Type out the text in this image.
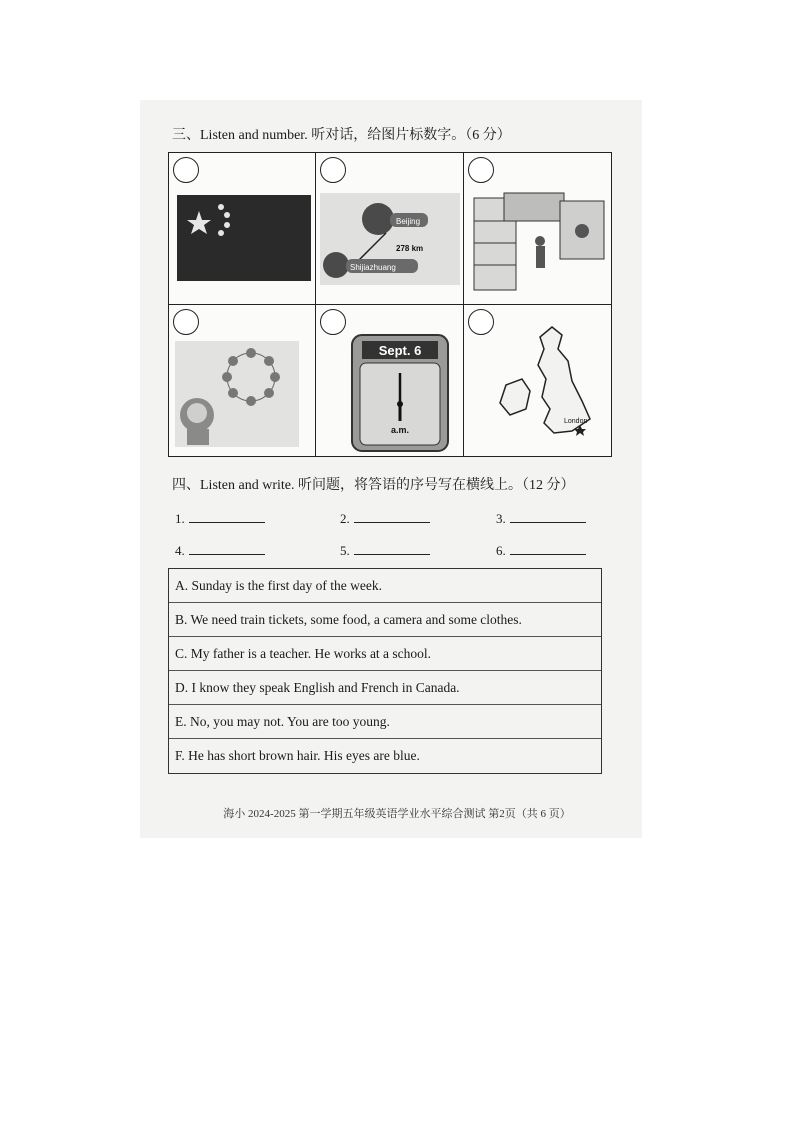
三、Listen and number. 听对话，给图片标数字。（6 分）
Beijing
278 km
Shijiazhuang
Sept. 6
a.m.
London
四、Listen and write. 听问题，将答语的序号写在横线上。（12 分）
1.	2.	3.
4.	5.	6.
A. Sunday is the first day of the week.
B. We need train tickets, some food, a camera and some clothes.
C. My father is a teacher. He works at a school.
D. I know they speak English and French in Canada.
E. No, you may not. You are too young.
F. He has short brown hair. His eyes are blue.
海小 2024-2025 第一学期五年级英语学业水平综合测试 第2页（共 6 页）
